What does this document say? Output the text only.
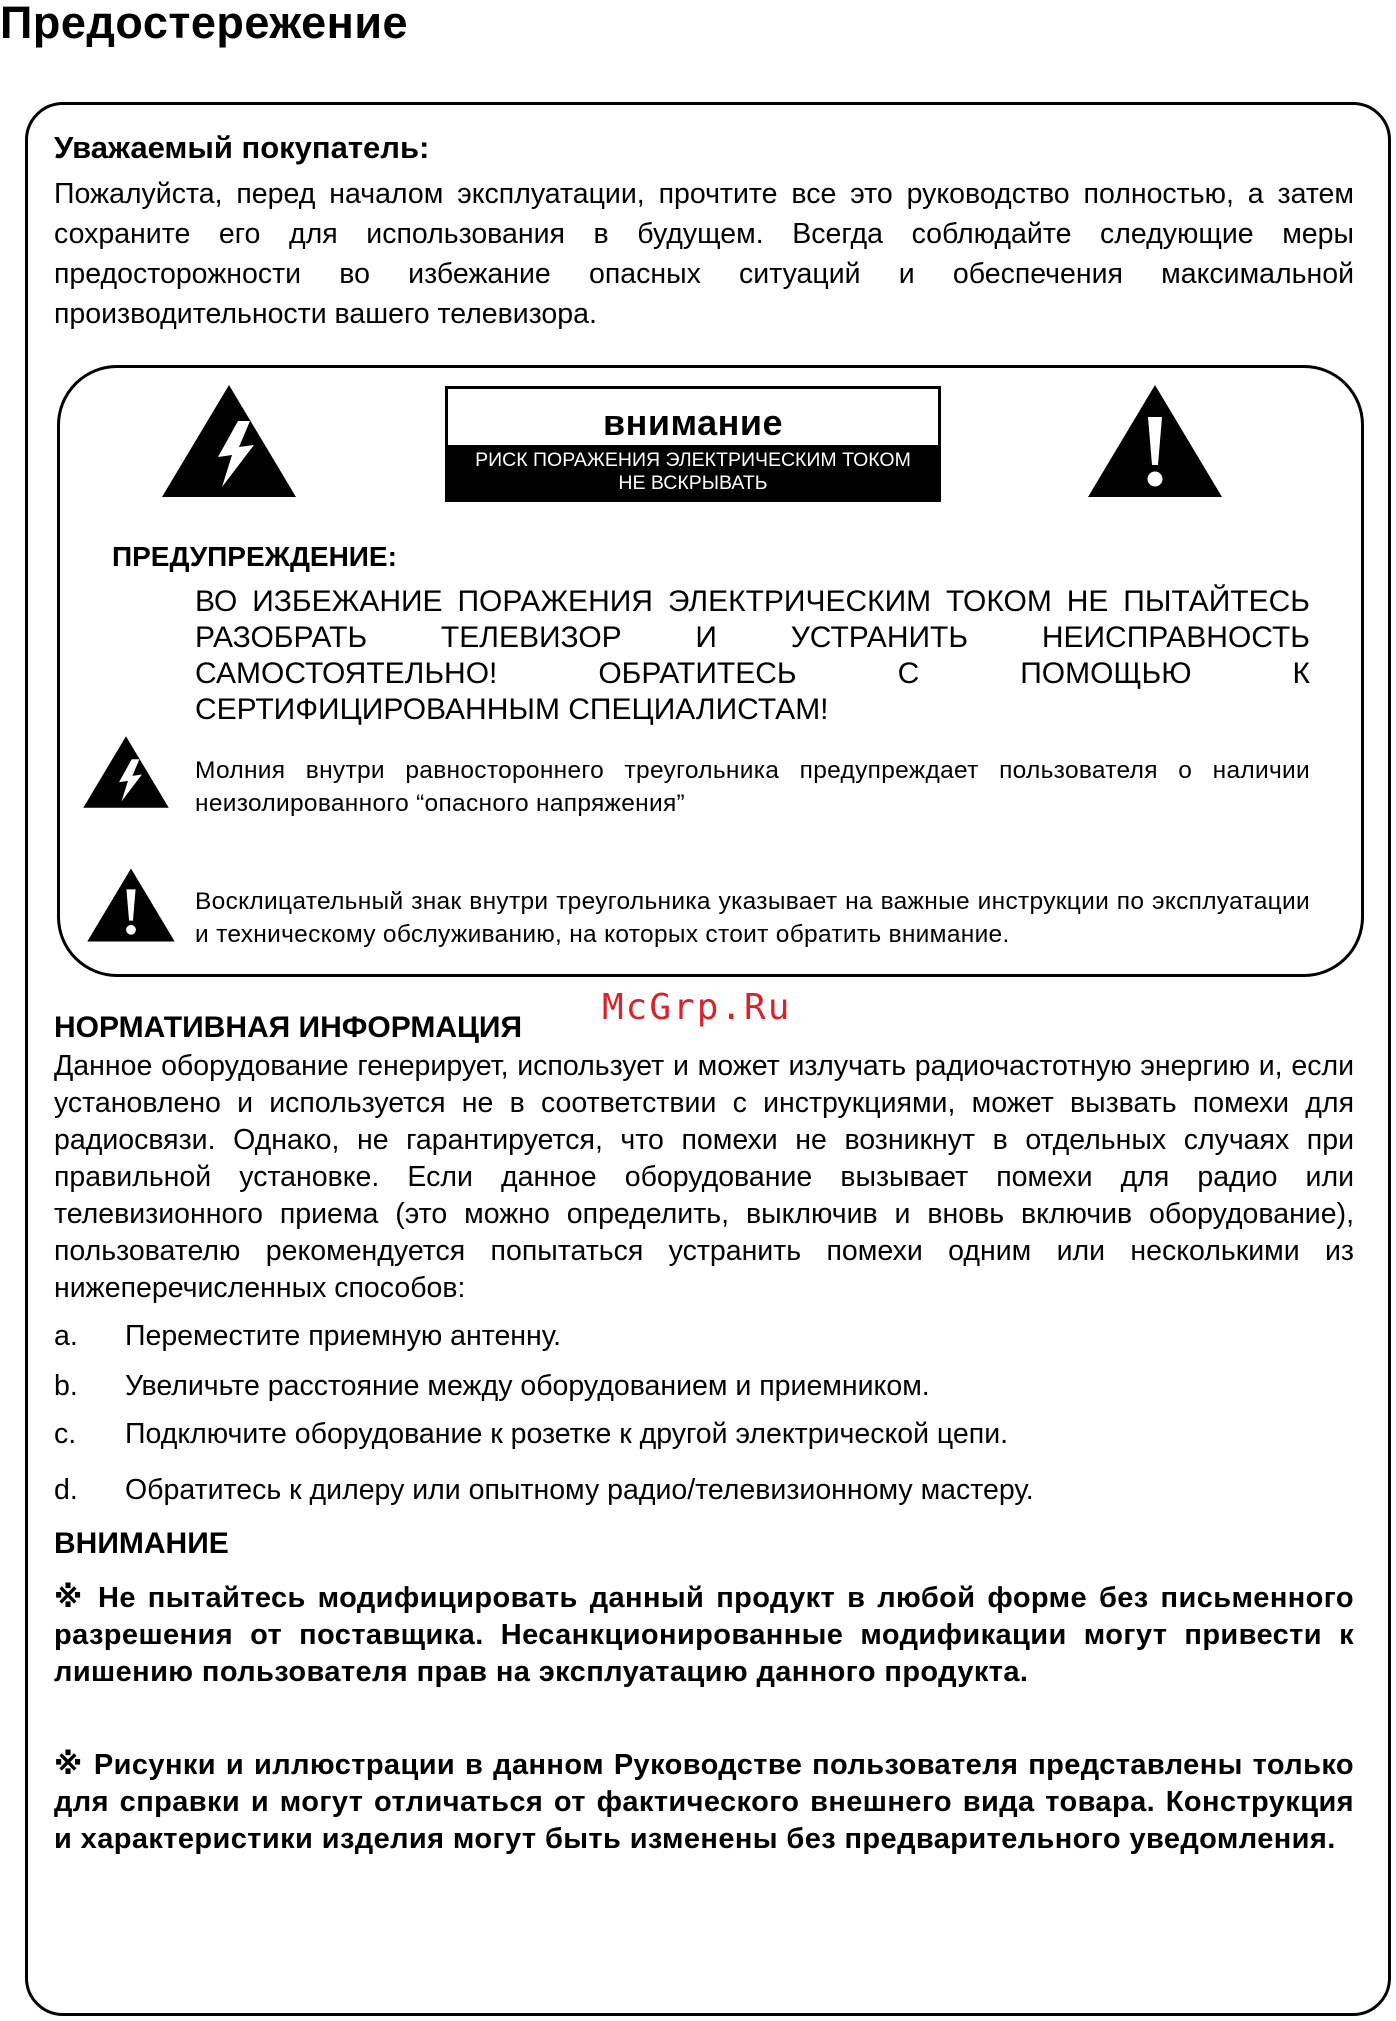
Предостережение
Уважаемый покупатель:
Пожалуйста, перед началом эксплуатации, прочтите все это руководство полностью, а затем сохраните его для использования в будущем. Всегда соблюдайте следующие меры предосторожности во избежание опасных ситуаций и обеспечения максимальной производительности вашего телевизора.
внимание
РИСК ПОРАЖЕНИЯ ЭЛЕКТРИЧЕСКИМ ТОКОМ
НЕ ВСКРЫВАТЬ
ПРЕДУПРЕЖДЕНИЕ:
ВО ИЗБЕЖАНИЕ ПОРАЖЕНИЯ ЭЛЕКТРИЧЕСКИМ ТОКОМ НЕ ПЫТАЙТЕСЬ РАЗОБРАТЬ ТЕЛЕВИЗОР И УСТРАНИТЬ НЕИСПРАВНОСТЬ САМОСТОЯТЕЛЬНО! ОБРАТИТЕСЬ С ПОМОЩЬЮ К СЕРТИФИЦИРОВАННЫМ СПЕЦИАЛИСТАМ!
Молния внутри равностороннего треугольника предупреждает пользователя о наличии неизолированного “опасного напряжения”
Восклицательный знак внутри треугольника указывает на важные инструкции по эксплуатации и техническому обслуживанию, на которых стоит обратить внимание.
McGrp.Ru
НОРМАТИВНАЯ ИНФОРМАЦИЯ
Данное оборудование генерирует, использует и может излучать радиочастотную энергию и, если установлено и используется не в соответствии с инструкциями, может вызвать помехи для радиосвязи. Однако, не гарантируется, что помехи не возникнут в отдельных случаях при правильной установке. Если данное оборудование вызывает помехи для радио или телевизионного приема (это можно определить, выключив и вновь включив оборудование), пользователю рекомендуется попытаться устранить помехи одним или несколькими из нижеперечисленных способов:
a. Переместите приемную антенну.
b. Увеличьте расстояние между оборудованием и приемником.
c. Подключите оборудование к розетке к другой электрической цепи.
d. Обратитесь к дилеру или опытному радио/телевизионному мастеру.
ВНИМАНИЕ
※ Не пытайтесь модифицировать данный продукт в любой форме без письменного разрешения от поставщика. Несанкционированные модификации могут привести к лишению пользователя прав на эксплуатацию данного продукта.
※ Рисунки и иллюстрации в данном Руководстве пользователя представлены только для справки и могут отличаться от фактического внешнего вида товара. Конструкция и характеристики изделия могут быть изменены без предварительного уведомления.
